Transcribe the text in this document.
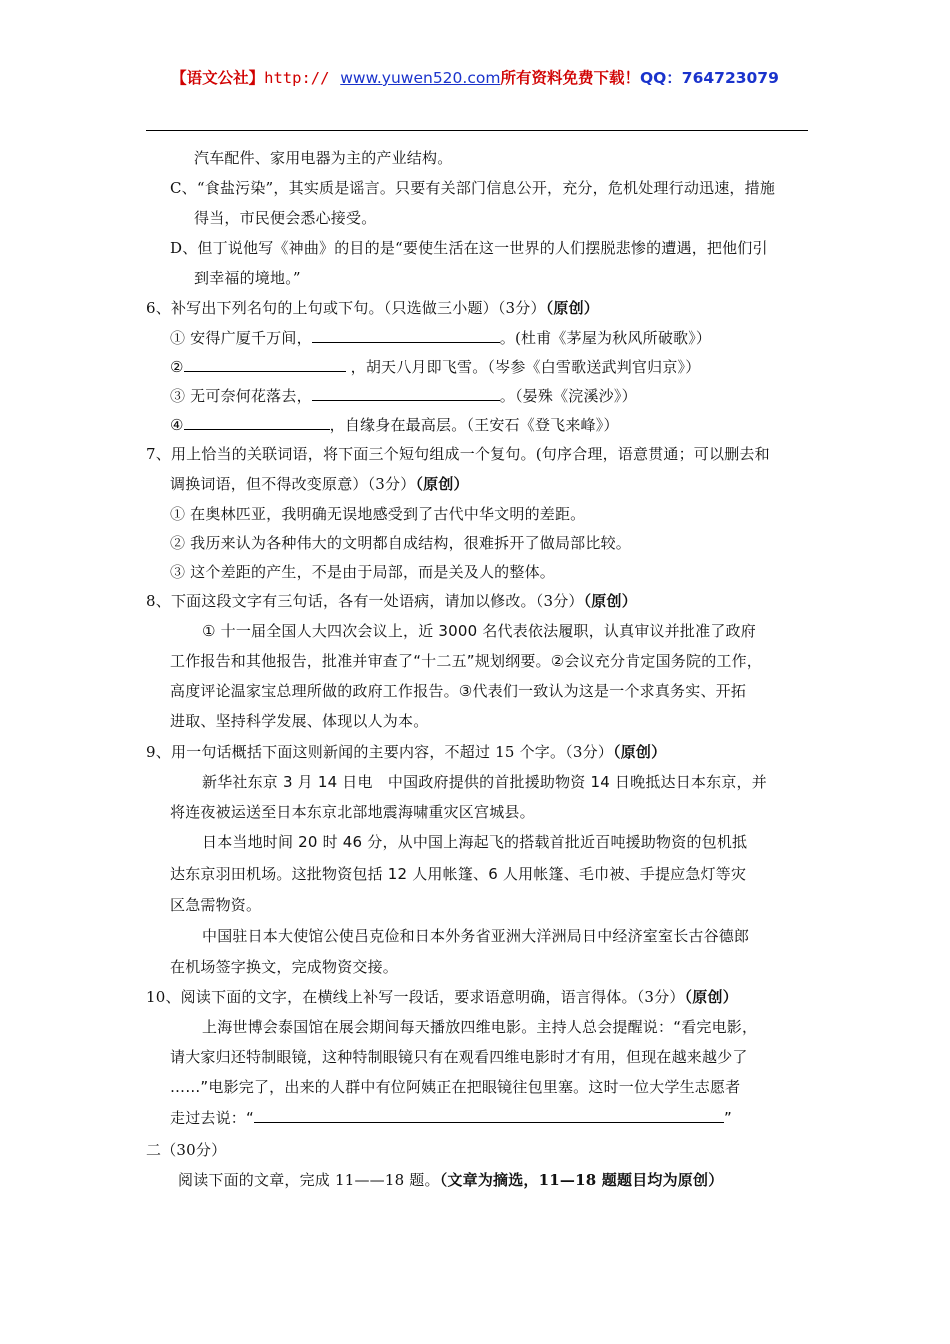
【语文公社】http:// www.yuwen520.com所有资料免费下载！QQ：764723079
汽车配件、家用电器为主的产业结构。
C、“食盐污染”，其实质是谣言。只要有关部门信息公开，充分，危机处理行动迅速，措施
得当，市民便会悉心接受。
D、但丁说他写《神曲》的目的是“要使生活在这一世界的人们摆脱悲惨的遭遇，把他们引
到幸福的境地。”
6、补写出下列名句的上句或下句。（只选做三小题）（3分）（原创）
① 安得广厦千万间，	。(杜甫《茅屋为秋风所破歌》）
②	，胡天八月即飞雪。（岑参《白雪歌送武判官归京》）
③ 无可奈何花落去，	。（晏殊《浣溪沙》）
④	，自缘身在最高层。（王安石《登飞来峰》）
7、用上恰当的关联词语，将下面三个短句组成一个复句。(句序合理，语意贯通；可以删去和
调换词语，但不得改变原意）（3分）（原创）
① 在奥林匹亚，我明确无误地感受到了古代中华文明的差距。
② 我历来认为各种伟大的文明都自成结构，很难拆开了做局部比较。
③ 这个差距的产生，不是由于局部，而是关及人的整体。
8、下面这段文字有三句话，各有一处语病，请加以修改。（3分）（原创）
① 十一届全国人大四次会议上，近 3000 名代表依法履职，认真审议并批准了政府
工作报告和其他报告，批准并审查了“十二五”规划纲要。②会议充分肯定国务院的工作，
高度评论温家宝总理所做的政府工作报告。③代表们一致认为这是一个求真务实、开拓
进取、坚持科学发展、体现以人为本。
9、用一句话概括下面这则新闻的主要内容，不超过 15 个字。（3分）（原创）
新华社东京 3 月 14 日电　中国政府提供的首批援助物资 14 日晚抵达日本东京，并
将连夜被运送至日本东京北部地震海啸重灾区宫城县。
日本当地时间 20 时 46 分，从中国上海起飞的搭载首批近百吨援助物资的包机抵
达东京羽田机场。这批物资包括 12 人用帐篷、6 人用帐篷、毛巾被、手提应急灯等灾
区急需物资。
中国驻日本大使馆公使吕克俭和日本外务省亚洲大洋洲局日中经济室室长古谷德郎
在机场签字换文，完成物资交接。
10、阅读下面的文字，在横线上补写一段话，要求语意明确，语言得体。（3分）（原创）
上海世博会泰国馆在展会期间每天播放四维电影。主持人总会提醒说：“看完电影，
请大家归还特制眼镜，这种特制眼镜只有在观看四维电影时才有用，但现在越来越少了
……”电影完了，出来的人群中有位阿姨正在把眼镜往包里塞。这时一位大学生志愿者
走过去说：“	”
二（30分）
阅读下面的文章，完成 11——18 题。（文章为摘选，11—18 题题目均为原创）
